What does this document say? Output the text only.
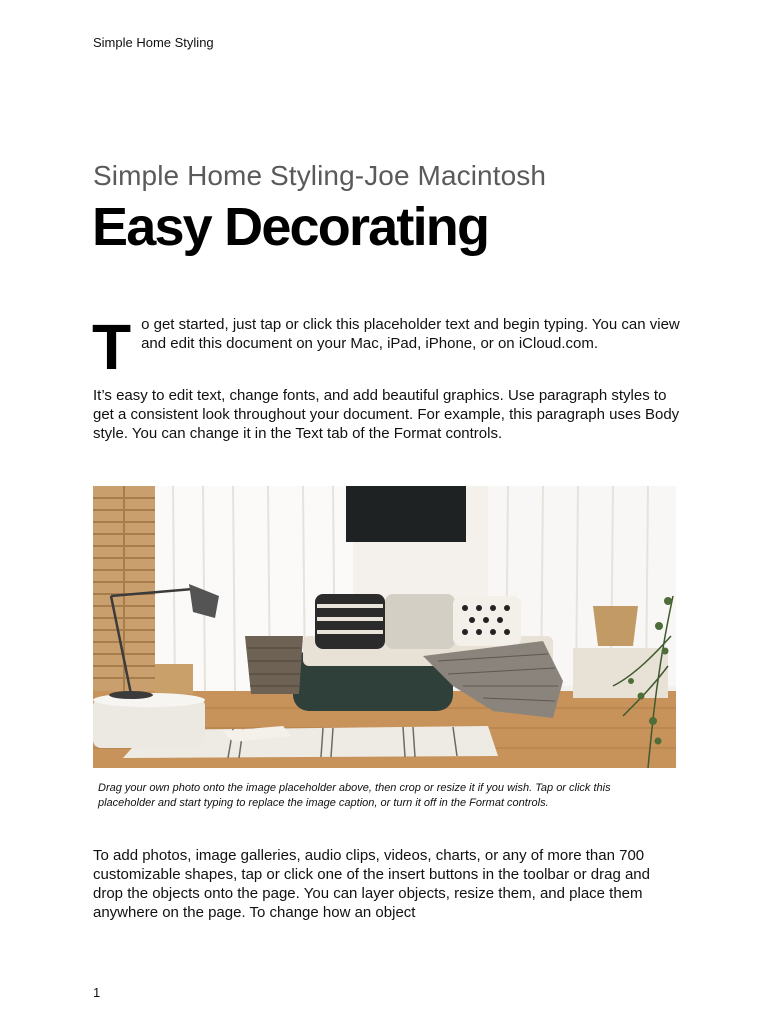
Simple Home Styling
Simple Home Styling-Joe Macintosh
Easy Decorating
T o get started, just tap or click this placeholder text and begin typing. You can view and edit this document on your Mac, iPad, iPhone, or on iCloud.com.
It’s easy to edit text, change fonts, and add beautiful graphics. Use paragraph styles to get a consistent look throughout your document. For example, this paragraph uses Body style. You can change it in the Text tab of the Format controls.
Drag your own photo onto the image placeholder above, then crop or resize it if you wish. Tap or click this placeholder and start typing to replace the image caption, or turn it off in the Format controls.
To add photos, image galleries, audio clips, videos, charts, or any of more than 700 customizable shapes, tap or click one of the insert buttons in the toolbar or drag and drop the objects onto the page. You can layer objects, resize them, and place them anywhere on the page. To change how an object
1
